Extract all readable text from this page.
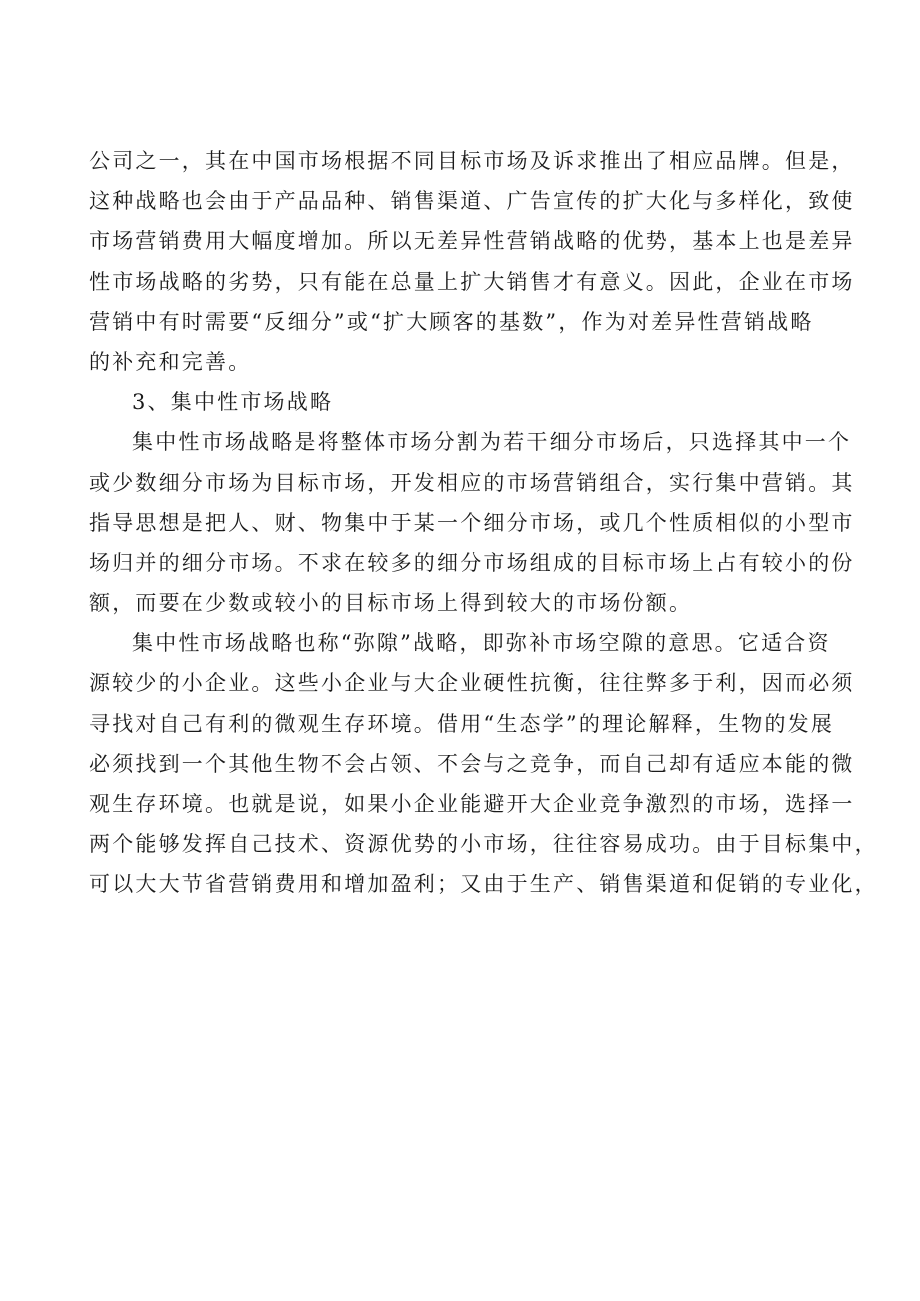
公司之一，其在中国市场根据不同目标市场及诉求推出了相应品牌。但是，
这种战略也会由于产品品种、销售渠道、广告宣传的扩大化与多样化，致使
市场营销费用大幅度增加。所以无差异性营销战略的优势，基本上也是差异
性市场战略的劣势，只有能在总量上扩大销售才有意义。因此，企业在市场
营销中有时需要“反细分”或“扩大顾客的基数”，作为对差异性营销战略
的补充和完善。
3、集中性市场战略
集中性市场战略是将整体市场分割为若干细分市场后，只选择其中一个
或少数细分市场为目标市场，开发相应的市场营销组合，实行集中营销。其
指导思想是把人、财、物集中于某一个细分市场，或几个性质相似的小型市
场归并的细分市场。不求在较多的细分市场组成的目标市场上占有较小的份
额，而要在少数或较小的目标市场上得到较大的市场份额。
集中性市场战略也称“弥隙”战略，即弥补市场空隙的意思。它适合资
源较少的小企业。这些小企业与大企业硬性抗衡，往往弊多于利，因而必须
寻找对自己有利的微观生存环境。借用“生态学”的理论解释，生物的发展
必须找到一个其他生物不会占领、不会与之竞争，而自己却有适应本能的微
观生存环境。也就是说，如果小企业能避开大企业竞争激烈的市场，选择一
两个能够发挥自己技术、资源优势的小市场，往往容易成功。由于目标集中，
可以大大节省营销费用和增加盈利；又由于生产、销售渠道和促销的专业化，
